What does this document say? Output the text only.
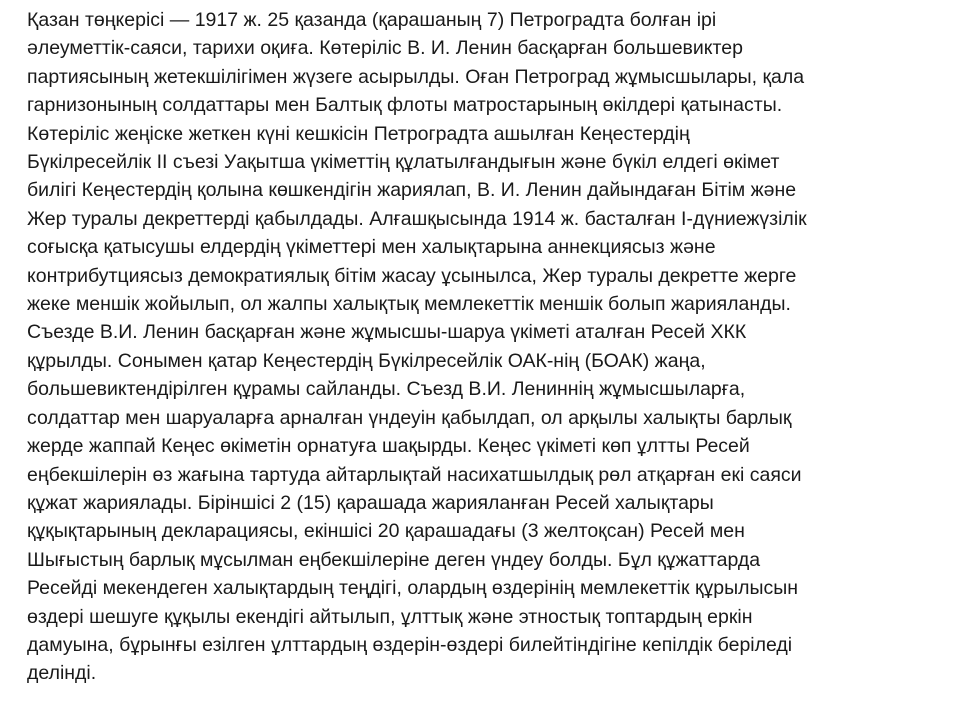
Қазан төңкерісі — 1917 ж. 25 қазанда (қарашаның 7) Петроградта болған ірі
әлеуметтік-саяси, тарихи оқиға. Көтеріліс В. И. Ленин басқарған большевиктер
партиясының жетекшілігімен жүзеге асырылды. Оған Петроград жұмысшылары, қала
гарнизонының солдаттары мен Балтық флоты матростарының өкілдері қатынасты.
Көтеріліс жеңіске жеткен күні кешкісін Петроградта ашылған Кеңестердің
Бүкілресейлік II съезі Уақытша үкіметтің құлатылғандығын және бүкіл елдегі өкімет
билігі Кеңестердің қолына көшкендігін жариялап, В. И. Ленин дайындаған Бітім және
Жер туралы декреттерді қабылдады. Алғашқысында 1914 ж. басталған І-дүниежүзілік
соғысқа қатысушы елдердің үкіметтері мен халықтарына аннекциясыз және
контрибутциясыз демократиялық бітім жасау ұсынылса, Жер туралы декретте жерге
жеке меншік жойылып, ол жалпы халықтық мемлекеттік меншік болып жарияланды.
Съезде В.И. Ленин басқарған және жұмысшы-шаруа үкіметі аталған Ресей ХКК
құрылды. Сонымен қатар Кеңестердің Бүкілресейлік ОАК-нің (БОАК) жаңа,
большевиктендірілген құрамы сайланды. Съезд В.И. Лениннің жұмысшыларға,
солдаттар мен шаруаларға арналған үндеуін қабылдап, ол арқылы халықты барлық
жерде жаппай Кеңес өкіметін орнатуға шақырды. Кеңес үкіметі көп ұлтты Ресей
еңбекшілерін өз жағына тартуда айтарлықтай насихатшылдық рөл атқарған екі саяси
құжат жариялады. Біріншісі 2 (15) қарашада жарияланған Ресей халықтары
құқықтарының декларациясы, екіншісі 20 қарашадағы (3 желтоқсан) Ресей мен
Шығыстың барлық мұсылман еңбекшілеріне деген үндеу болды. Бұл құжаттарда
Ресейді мекендеген халықтардың теңдігі, олардың өздерінің мемлекеттік құрылысын
өздері шешуге құқылы екендігі айтылып, ұлттық және этностық топтардың еркін
дамуына, бұрынғы езілген ұлттардың өздерін-өздері билейтіндігіне кепілдік беріледі
делінді.
